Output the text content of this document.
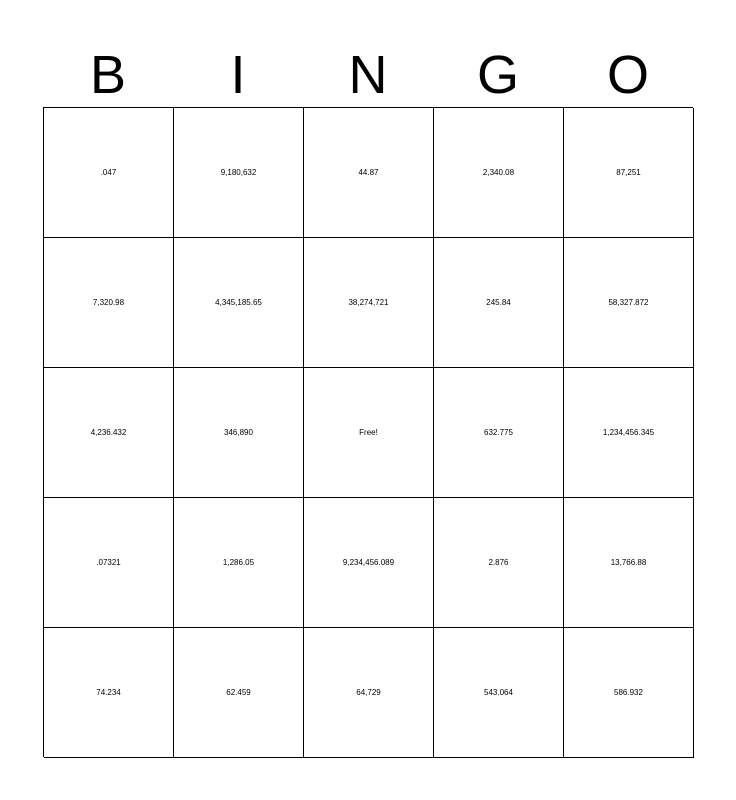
B	I	N	G	O
.047	9,180,632	44.87	2,340.08	87,251
7,320.98	4,345,185.65	38,274,721	245.84	58,327.872
4,236.432	346,890	Free!	632.775	1,234,456.345
.07321	1,286.05	9,234,456.089	2.876	13,766.88
74.234	62.459	64,729	543.064	586.932
